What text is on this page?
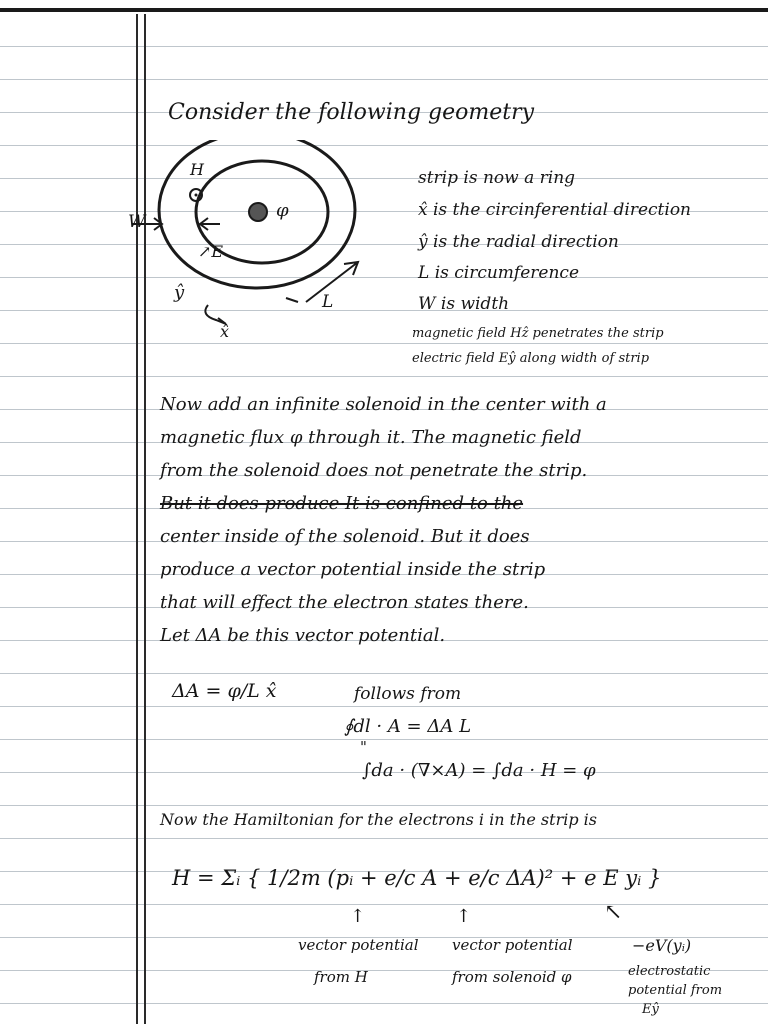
Consider the following geometry
H
φ
W
↗E
ŷ
x̂
L
strip is now a ring
x̂ is the circinferential direction
ŷ is the radial direction
L is circumference
W is width
magnetic field Hẑ penetrates the strip
electric field Eŷ along width of strip
Now add an infinite solenoid in the center with a
magnetic flux φ through it. The magnetic field
from the solenoid does not penetrate the strip.
But it does produce It is confined to the
center inside of the solenoid. But it does
produce a vector potential inside the strip
that will effect the electron states there.
Let ΔA be this vector potential.
ΔA = φ/L x̂	follows from
∮dl · A = ΔA L
"
∫da · (∇×A) = ∫da · H = φ
Now the Hamiltonian for the electrons i in the strip is
H = Σᵢ { 1/2m (pᵢ + e/c A + e/c ΔA)² + e E yᵢ }
↑	↑	↖
vector potential
from H
vector potential
from solenoid φ
−eV(yᵢ)
electrostatic
potential from
Eŷ
